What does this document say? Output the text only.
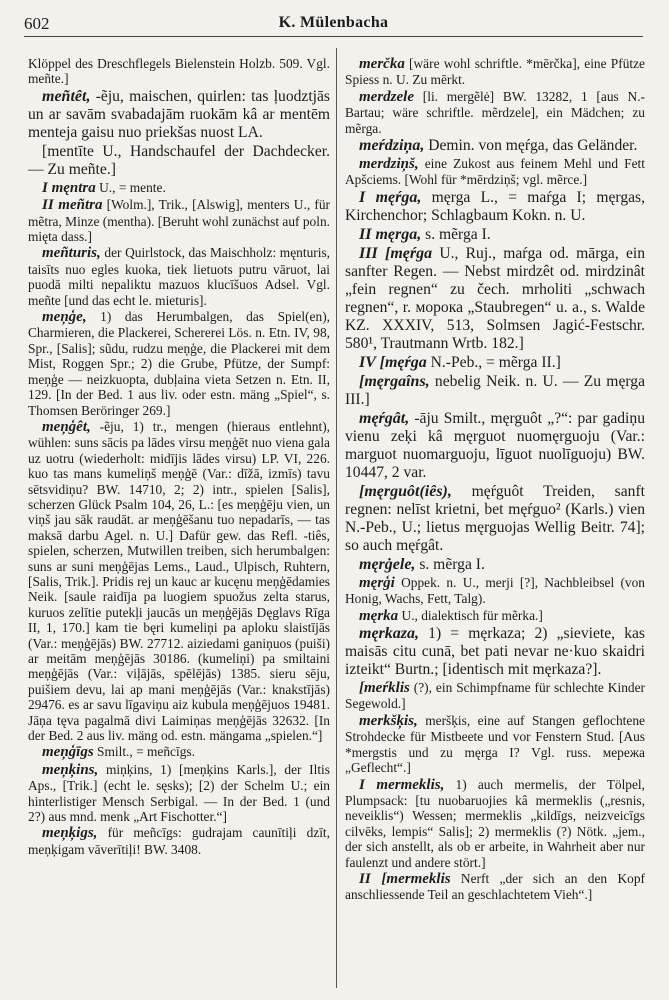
602	K. Mülenbacha

Klöppel des Dreschflegels Bielenstein Holzb. 509. Vgl. meñte.]

meñtêt, -ẽju, maischen, quirlen: tas ļuodztjās un ar savām svabadajām ruokām kâ ar mentēm menteja gaisu nuo priekšas nuost LA.

[mentīte U., Handschaufel der Dachdecker. — Zu meñte.]

I męntra U., = mente.

II meñtra [Wolm.], Trik., [Alswig], menters U., für mẽtra, Minze (mentha). [Beruht wohl zunächst auf poln. mięta dass.]

meñturis, der Quirlstock, das Maischholz: męnturis, taisīts nuo egles kuoka, tiek lietuots putru vāruot, lai puodā milti nepaliktu mazuos klucīšuos Adsel. Vgl. meñte [und das echt le. mieturis].

meņģe, 1) das Herumbalgen, das Spiel(en), Charmieren, die Plackerei, Schererei Lös. n. Etn. IV, 98, Spr., [Salis]; sũdu, rudzu meņģe, die Plackerei mit dem Mist, Roggen Spr.; 2) die Grube, Pfütze, der Sumpf: meņģe — neizkuopta, dubļaina vieta Setzen n. Etn. II, 129. [In der Bed. 1 aus liv. oder estn. mäng „Spiel“, s. Thomsen Beröringer 269.]

meņģêt, -ẽju, 1) tr., mengen (hieraus entlehnt), wühlen: suns sācis pa lādes virsu meņģēt nuo viena gala uz uotru (wiederholt: midījis lādes virsu) LP. VI, 226. kuo tas mans kumeliņš meņģē (Var.: dīžā, izmīs) tavu sētsvidiņu? BW. 14710, 2; 2) intr., spielen [Salis], scherzen Glück Psalm 104, 26, L.: [es meņģēju vien, un viņš jau sāk raudāt. ar meņģēšanu tuo nepadarīs, — tas maksā darbu Agel. n. U.] Dafür gew. das Refl. -tiês, spielen, scherzen, Mutwillen treiben, sich herumbalgen: suns ar suni meņģējas Lems., Laud., Ulpisch, Ruhtern, [Salis, Trik.]. Pridis rej un kauc ar kucęnu meņģēdamies Neik. [saule raidīja pa luogiem spuožus zelta starus, kuruos zelītie putekļi jaucās un meņģējās Dęglavs Rīga II, 1, 170.] kam tie bęri kumeliņi pa aploku slaistījās (Var.: meņģējās) BW. 27712. aiziedami ganiņuos (puiši) ar meitām meņģējās 30186. (kumeliņi) pa smiltaini meņģējās (Var.: viļājās, spēlējās) 1385. sieru sēju, puišiem devu, lai ap mani meņģējās (Var.: knakstījās) 29476. es ar savu līgaviņu aiz kubula meņģējuos 19481. Jāņa tęva pagalmā divi Laimiņas meņģējās 32632. [In der Bed. 2 aus liv. mäng od. estn. mängama „spielen.“]

meņģīgs Smilt., = meñcīgs.

meņķins, miņķins, 1) [meņķins Karls.], der Iltis Aps., [Trik.] (echt le. sęsks); [2) der Schelm U.; ein hinterlistiger Mensch Serbigal. — In der Bed. 1 (und 2?) aus mnd. menk „Art Fischotter.“]

meņķigs, für meñcīgs: gudrajam caunītiļi dzīt, meņķigam vāverītiļi! BW. 3408.

merčka [wäre wohl schriftle. *mērčka], eine Pfütze Spiess n. U. Zu mērkt.

merdzele [li. mergẽlė] BW. 13282, 1 [aus N.-Bartau; wäre schriftle. mẽrdzele], ein Mädchen; zu mẽrga.

meŕdziņa, Demin. von męŕga, das Geländer.

merdziņš, eine Zukost aus feinem Mehl und Fett Apšciems. [Wohl für *mērdziņš; vgl. mẽrce.]

I męŕga, męrga L., = maŕga I; męrgas, Kirchenchor; Schlagbaum Kokn. n. U.

II męrga, s. mẽrga I.

III [męŕga U., Ruj., maŕga od. mārga, ein sanfter Regen. — Nebst mirdzêt od. mirdzinât „fein regnen“ zu čech. mrholiti „schwach regnen“, r. морока „Staubregen“ u. a., s. Walde KZ. XXXIV, 513, Solmsen Jagić-Festschr. 580¹, Trautmann Wrtb. 182.]

IV [męŕga N.-Peb., = mẽrga II.]

[męrgaîns, nebelig Neik. n. U. — Zu męrga III.]

męŕgât, -āju Smilt., męrguôt „?“: par gadiņu vienu zeķi kâ męrguot nuomęrguoju (Var.: marguot nuomarguoju, līguot nuolīguoju) BW. 10447, 2 var.

[męrguôt(iês), męŕguôt Treiden, sanft regnen: nelīst krietni, bet męŕguo² (Karls.) vien N.-Peb., U.; lietus męrguojas Wellig Beitr. 74]; so auch męŕgât.

męrġele, s. mẽrga I.

męrģi Oppek. n. U., merji [?], Nachbleibsel (von Honig, Wachs, Fett, Talg).

męrka U., dialektisch für mẽrka.]

męrkaza, 1) = męrkaza; 2) „sieviete, kas maisās citu cunā, bet pati nevar ne·kuo skaidri izteikt“ Burtn.; [identisch mit męrkaza?].

[meŕklis (?), ein Schimpfname für schlechte Kinder Segewold.]

merkšķis, meršķis, eine auf Stangen geflochtene Strohdecke für Mistbeete und vor Fenstern Stud. [Aus *mergstis und zu męrga I? Vgl. russ. мережа „Geflecht“.]

I mermeklis, 1) auch mermelis, der Tölpel, Plumpsack: [tu nuobaruojies kâ mermeklis („resnis, neveiklis“) Wessen; mermeklis „kildīgs, neizveicīgs cilvēks, lempis“ Salis]; 2) mermeklis (?) Nötk. „jem., der sich anstellt, als ob er arbeite, in Wahrheit aber nur faulenzt und andere stört.]

II [mermeklis Nerft „der sich an den Kopf anschliessende Teil an geschlachtetem Vieh“.]
